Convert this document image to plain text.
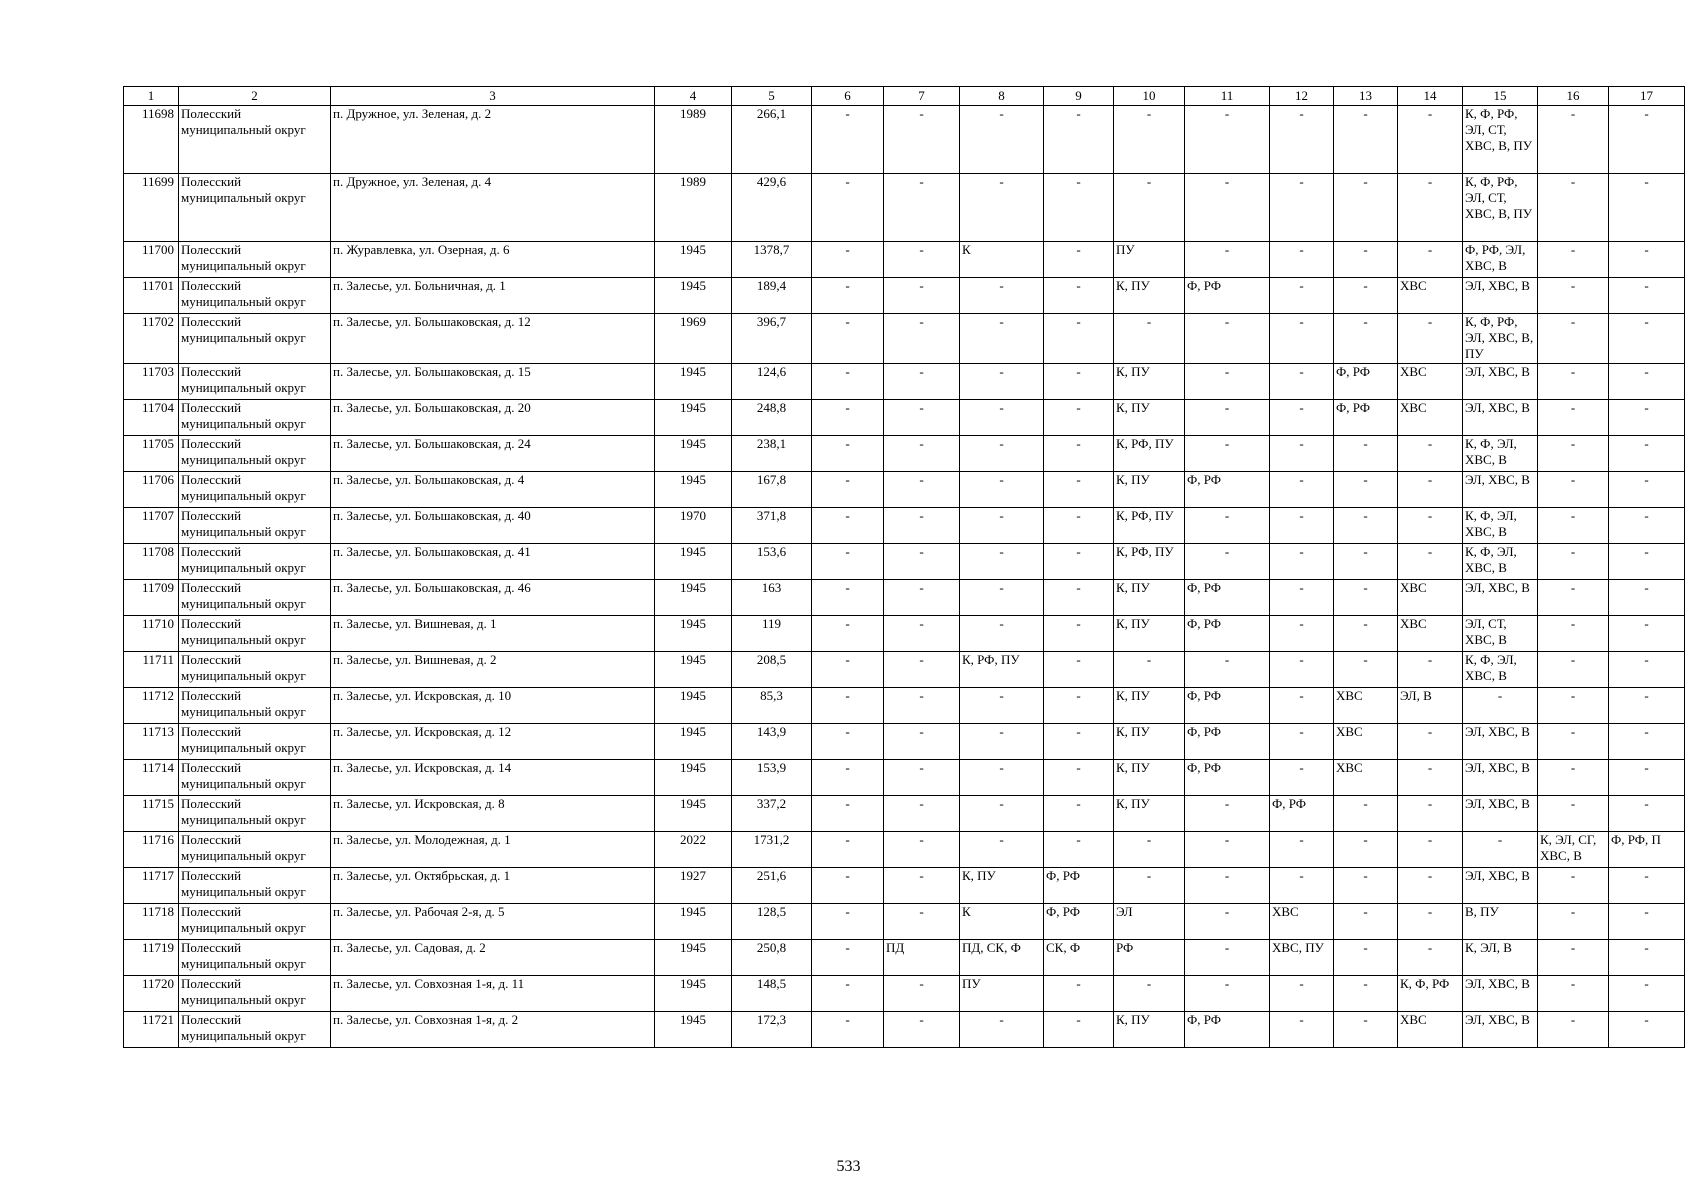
1	2	3	4	5	6	7	8	9	10	11	12	13	14	15	16	17
11698	Полесский муниципальный округ	п. Дружное, ул. Зеленая, д. 2	1989	266,1	-	-	-	-	-	-	-	-	-	К, Ф, РФ, ЭЛ, СТ, ХВС, В, ПУ	-	-
11699	Полесский муниципальный округ	п. Дружное, ул. Зеленая, д. 4	1989	429,6	-	-	-	-	-	-	-	-	-	К, Ф, РФ, ЭЛ, СТ, ХВС, В, ПУ	-	-
11700	Полесский муниципальный округ	п. Журавлевка, ул. Озерная, д. 6	1945	1378,7	-	-	К	-	ПУ	-	-	-	-	Ф, РФ, ЭЛ, ХВС, В	-	-
11701	Полесский муниципальный округ	п. Залесье, ул. Больничная, д. 1	1945	189,4	-	-	-	-	К, ПУ	Ф, РФ	-	-	ХВС	ЭЛ, ХВС, В	-	-
11702	Полесский муниципальный округ	п. Залесье, ул. Большаковская, д. 12	1969	396,7	-	-	-	-	-	-	-	-	-	К, Ф, РФ, ЭЛ, ХВС, В, ПУ	-	-
11703	Полесский муниципальный округ	п. Залесье, ул. Большаковская, д. 15	1945	124,6	-	-	-	-	К, ПУ	-	-	Ф, РФ	ХВС	ЭЛ, ХВС, В	-	-
11704	Полесский муниципальный округ	п. Залесье, ул. Большаковская, д. 20	1945	248,8	-	-	-	-	К, ПУ	-	-	Ф, РФ	ХВС	ЭЛ, ХВС, В	-	-
11705	Полесский муниципальный округ	п. Залесье, ул. Большаковская, д. 24	1945	238,1	-	-	-	-	К, РФ, ПУ	-	-	-	-	К, Ф, ЭЛ, ХВС, В	-	-
11706	Полесский муниципальный округ	п. Залесье, ул. Большаковская, д. 4	1945	167,8	-	-	-	-	К, ПУ	Ф, РФ	-	-	-	ЭЛ, ХВС, В	-	-
11707	Полесский муниципальный округ	п. Залесье, ул. Большаковская, д. 40	1970	371,8	-	-	-	-	К, РФ, ПУ	-	-	-	-	К, Ф, ЭЛ, ХВС, В	-	-
11708	Полесский муниципальный округ	п. Залесье, ул. Большаковская, д. 41	1945	153,6	-	-	-	-	К, РФ, ПУ	-	-	-	-	К, Ф, ЭЛ, ХВС, В	-	-
11709	Полесский муниципальный округ	п. Залесье, ул. Большаковская, д. 46	1945	163	-	-	-	-	К, ПУ	Ф, РФ	-	-	ХВС	ЭЛ, ХВС, В	-	-
11710	Полесский муниципальный округ	п. Залесье, ул. Вишневая, д. 1	1945	119	-	-	-	-	К, ПУ	Ф, РФ	-	-	ХВС	ЭЛ, СТ, ХВС, В	-	-
11711	Полесский муниципальный округ	п. Залесье, ул. Вишневая, д. 2	1945	208,5	-	-	К, РФ, ПУ	-	-	-	-	-	-	К, Ф, ЭЛ, ХВС, В	-	-
11712	Полесский муниципальный округ	п. Залесье, ул. Искровская, д. 10	1945	85,3	-	-	-	-	К, ПУ	Ф, РФ	-	ХВС	ЭЛ, В	-	-	-
11713	Полесский муниципальный округ	п. Залесье, ул. Искровская, д. 12	1945	143,9	-	-	-	-	К, ПУ	Ф, РФ	-	ХВС	-	ЭЛ, ХВС, В	-	-
11714	Полесский муниципальный округ	п. Залесье, ул. Искровская, д. 14	1945	153,9	-	-	-	-	К, ПУ	Ф, РФ	-	ХВС	-	ЭЛ, ХВС, В	-	-
11715	Полесский муниципальный округ	п. Залесье, ул. Искровская, д. 8	1945	337,2	-	-	-	-	К, ПУ	-	Ф, РФ	-	-	ЭЛ, ХВС, В	-	-
11716	Полесский муниципальный округ	п. Залесье, ул. Молодежная, д. 1	2022	1731,2	-	-	-	-	-	-	-	-	-	-	К, ЭЛ, СГ, ХВС, В	Ф, РФ, П
11717	Полесский муниципальный округ	п. Залесье, ул. Октябрьская, д. 1	1927	251,6	-	-	К, ПУ	Ф, РФ	-	-	-	-	-	ЭЛ, ХВС, В	-	-
11718	Полесский муниципальный округ	п. Залесье, ул. Рабочая 2-я, д. 5	1945	128,5	-	-	К	Ф, РФ	ЭЛ	-	ХВС	-	-	В, ПУ	-	-
11719	Полесский муниципальный округ	п. Залесье, ул. Садовая, д. 2	1945	250,8	-	ПД	ПД, СК, Ф	СК, Ф	РФ	-	ХВС, ПУ	-	-	К, ЭЛ, В	-	-
11720	Полесский муниципальный округ	п. Залесье, ул. Совхозная 1-я, д. 11	1945	148,5	-	-	ПУ	-	-	-	-	-	К, Ф, РФ	ЭЛ, ХВС, В	-	-
11721	Полесский муниципальный округ	п. Залесье, ул. Совхозная 1-я, д. 2	1945	172,3	-	-	-	-	К, ПУ	Ф, РФ	-	-	ХВС	ЭЛ, ХВС, В	-	-
533
